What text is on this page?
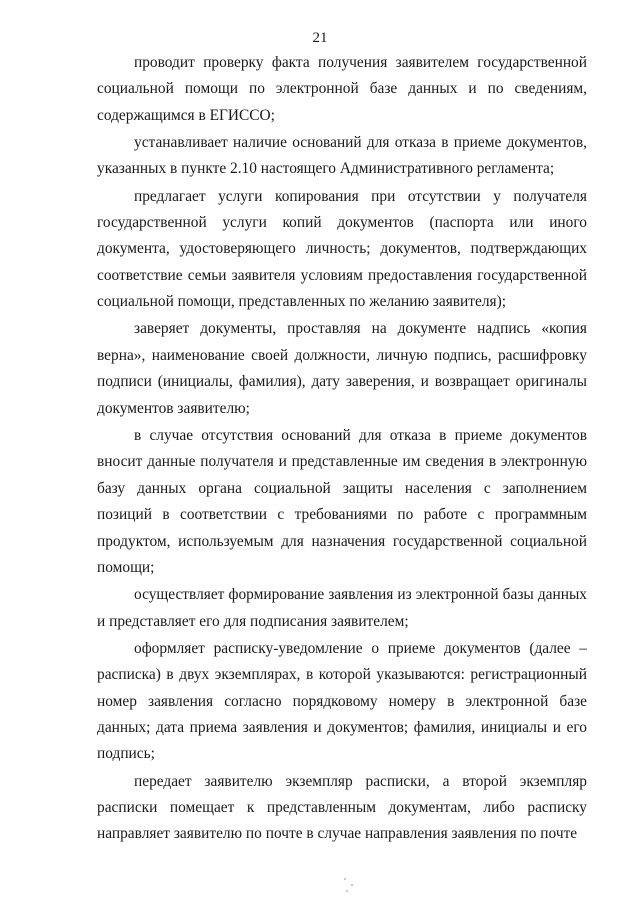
21

проводит проверку факта получения заявителем государственной социальной помощи по электронной базе данных и по сведениям, содержащимся в ЕГИССО;

устанавливает наличие оснований для отказа в приеме документов, указанных в пункте 2.10 настоящего Административного регламента;

предлагает услуги копирования при отсутствии у получателя государственной услуги копий документов (паспорта или иного документа, удостоверяющего личность; документов, подтверждающих соответствие семьи заявителя условиям предоставления государственной социальной помощи, представленных по желанию заявителя);

заверяет документы, проставляя на документе надпись «копия верна», наименование своей должности, личную подпись, расшифровку подписи (инициалы, фамилия), дату заверения, и возвращает оригиналы документов заявителю;

в случае отсутствия оснований для отказа в приеме документов вносит данные получателя и представленные им сведения в электронную базу данных органа социальной защиты населения с заполнением позиций в соответствии с требованиями по работе с программным продуктом, используемым для назначения государственной социальной помощи;

осуществляет формирование заявления из электронной базы данных и представляет его для подписания заявителем;

оформляет расписку-уведомление о приеме документов (далее – расписка) в двух экземплярах, в которой указываются: регистрационный номер заявления согласно порядковому номеру в электронной базе данных; дата приема заявления и документов; фамилия, инициалы и его подпись;

передает заявителю экземпляр расписки, а второй экземпляр расписки помещает к представленным документам, либо расписку направляет заявителю по почте в случае направления заявления по почте
